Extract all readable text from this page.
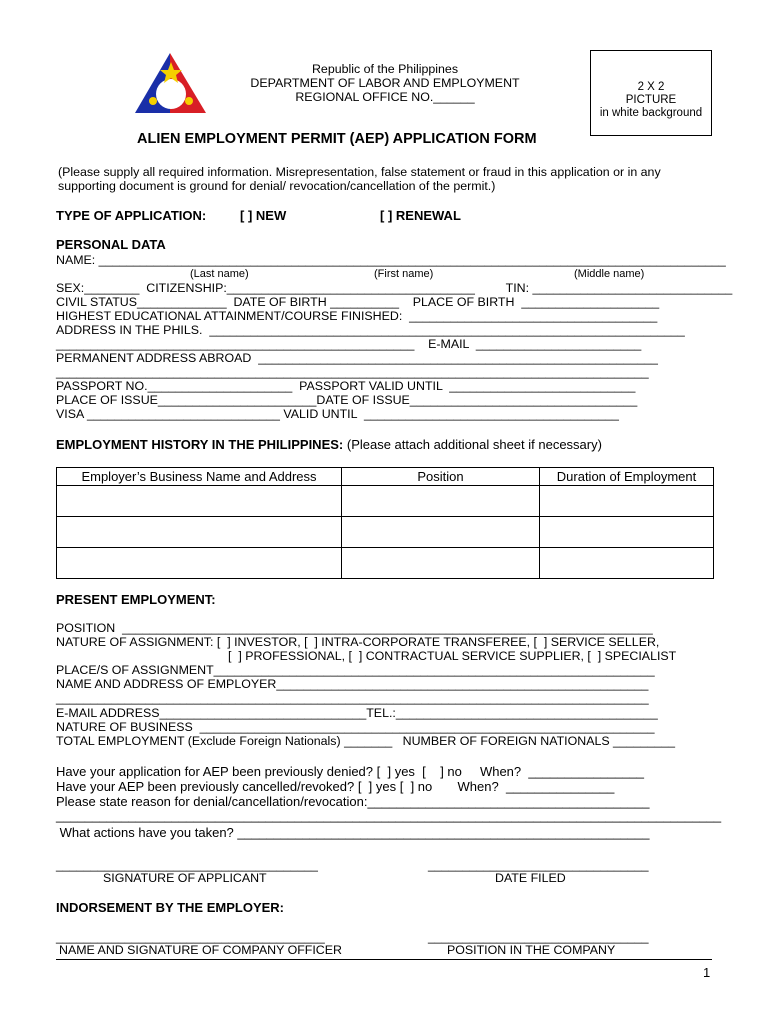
Republic of the Philippines
DEPARTMENT OF LABOR AND EMPLOYMENT
REGIONAL OFFICE NO.______
2 X 2
PICTURE
in white background
ALIEN EMPLOYMENT PERMIT (AEP) APPLICATION FORM
(Please supply all required information. Misrepresentation, false statement or fraud in this application or in any
supporting document is ground for denial/ revocation/cancellation of the permit.)
TYPE OF APPLICATION:	[ ] NEW	[ ] RENEWAL
PERSONAL DATA
NAME: ___________________________________________________________________________________________
(Last name)	(First name)	(Middle name)
SEX:________  CITIZENSHIP:____________________________________         TIN: _____________________________
CIVIL STATUS_____________  DATE OF BIRTH __________    PLACE OF BIRTH  ____________________
HIGHEST EDUCATIONAL ATTAINMENT/COURSE FINISHED:  ____________________________________
ADDRESS IN THE PHILS.  _____________________________________________________________________
____________________________________________________    E-MAIL  ________________________
PERMANENT ADDRESS ABROAD  __________________________________________________________
______________________________________________________________________________________
PASSPORT NO._____________________  PASSPORT VALID UNTIL  ___________________________
PLACE OF ISSUE_______________________DATE OF ISSUE_________________________________
VISA ____________________________ VALID UNTIL  _____________________________________
EMPLOYMENT HISTORY IN THE PHILIPPINES: (Please attach additional sheet if necessary)
Employer’s Business Name and Address	Position	Duration of Employment

PRESENT EMPLOYMENT:
POSITION  _____________________________________________________________________________
NATURE OF ASSIGNMENT: [  ] INVESTOR, [  ] INTRA-CORPORATE TRANSFEREE, [  ] SERVICE SELLER,
[  ] PROFESSIONAL, [  ] CONTRACTUAL SERVICE SUPPLIER, [  ] SPECIALIST
PLACE/S OF ASSIGNMENT________________________________________________________________
NAME AND ADDRESS OF EMPLOYER______________________________________________________
______________________________________________________________________________________
E-MAIL ADDRESS______________________________TEL.:______________________________________
NATURE OF BUSINESS  __________________________________________________________________
TOTAL EMPLOYMENT (Exclude Foreign Nationals) _______   NUMBER OF FOREIGN NATIONALS _________
Have your application for AEP been previously denied? [  ] yes  [    ] no     When?  ________________
Have your AEP been previously cancelled/revoked? [  ] yes [  ] no       When?  _______________
Please state reason for denial/cancellation/revocation:_______________________________________
____________________________________________________________________________________________
What actions have you taken? _________________________________________________________
______________________________________
SIGNATURE OF APPLICANT
________________________________
DATE FILED
INDORSEMENT BY THE EMPLOYER:
_______________________________________
NAME AND SIGNATURE OF COMPANY OFFICER
________________________________
POSITION IN THE COMPANY
1
